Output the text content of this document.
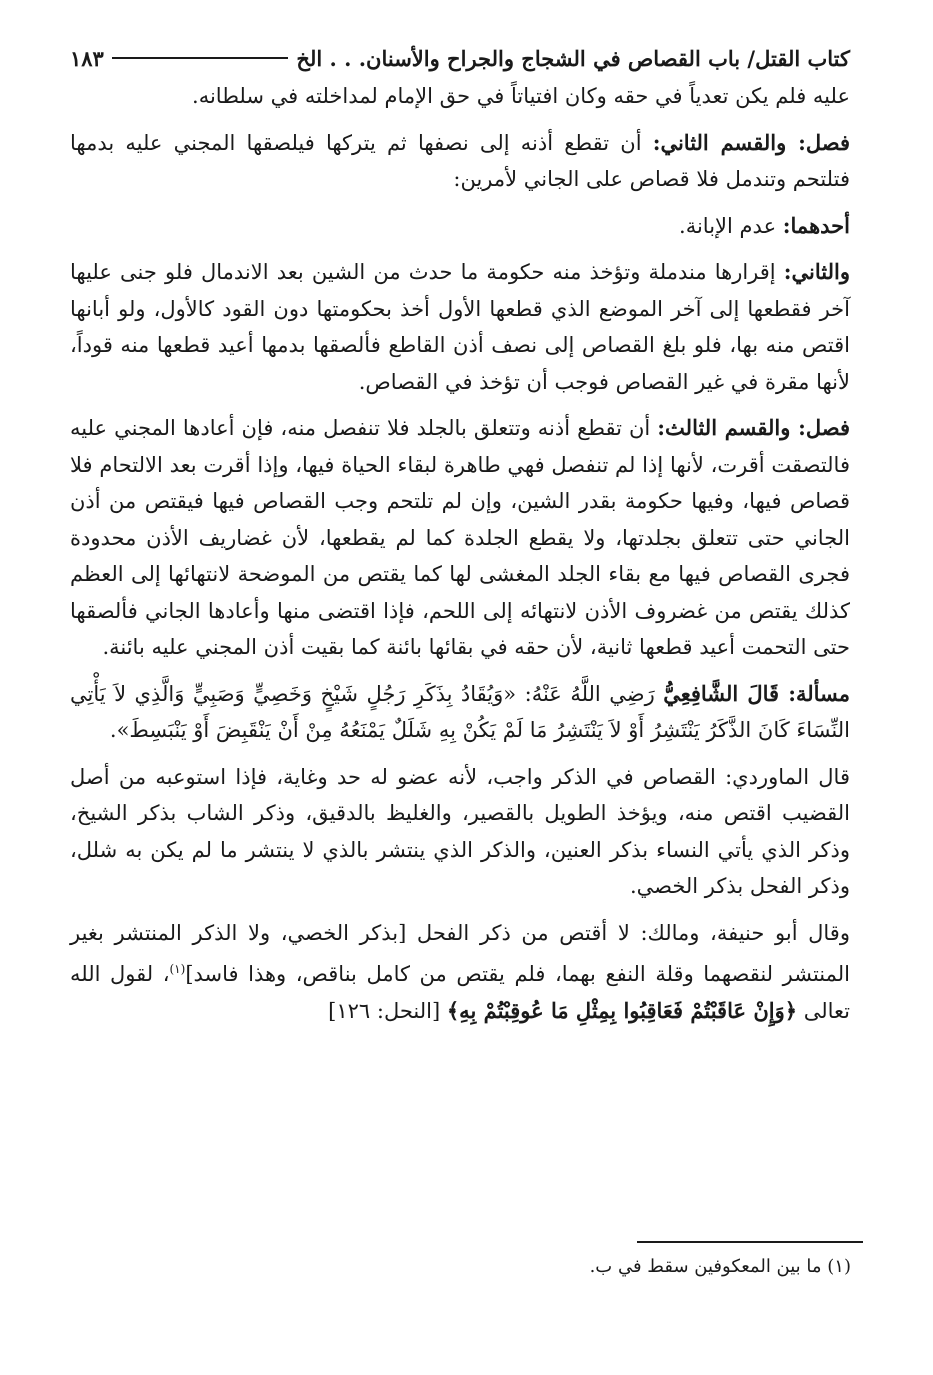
كتاب القتل/ باب القصاص في الشجاج والجراح والأسنان. . . الخ
١٨٣

عليه فلم يكن تعدياً في حقه وكان افتياتاً في حق الإمام لمداخلته في سلطانه.

فصل: والقسم الثاني: أن تقطع أذنه إلى نصفها ثم يتركها فيلصقها المجني عليه بدمها فتلتحم وتندمل فلا قصاص على الجاني لأمرين:

أحدهما: عدم الإبانة.

والثاني: إقرارها مندملة وتؤخذ منه حكومة ما حدث من الشين بعد الاندمال فلو جنى عليها آخر فقطعها إلى آخر الموضع الذي قطعها الأول أخذ بحكومتها دون القود كالأول، ولو أبانها اقتص منه بها، فلو بلغ القصاص إلى نصف أذن القاطع فألصقها بدمها أعيد قطعها منه قوداً، لأنها مقرة في غير القصاص فوجب أن تؤخذ في القصاص.

فصل: والقسم الثالث: أن تقطع أذنه وتتعلق بالجلد فلا تنفصل منه، فإن أعادها المجني عليه فالتصقت أقرت، لأنها إذا لم تنفصل فهي طاهرة لبقاء الحياة فيها، وإذا أقرت بعد الالتحام فلا قصاص فيها، وفيها حكومة بقدر الشين، وإن لم تلتحم وجب القصاص فيها فيقتص من أذن الجاني حتى تتعلق بجلدتها، ولا يقطع الجلدة كما لم يقطعها، لأن غضاريف الأذن محدودة فجرى القصاص فيها مع بقاء الجلد المغشى لها كما يقتص من الموضحة لانتهائها إلى العظم كذلك يقتص من غضروف الأذن لانتهائه إلى اللحم، فإذا اقتضى منها وأعادها الجاني فألصقها حتى التحمت أعيد قطعها ثانية، لأن حقه في بقائها بائنة كما بقيت أذن المجني عليه بائنة.

مسألة: قَالَ الشَّافِعِيُّ رَضِي اللَّهُ عَنْهُ: «وَيُقَادُ بِذَكَرِ رَجُلٍ شَيْخٍ وَخَصِيٍّ وَصَبِيٍّ وَالَّذِي لاَ يَأْتِي النِّسَاءَ كَانَ الذَّكَرُ يَنْتَشِرُ أَوْ لاَ يَنْتَشِرُ مَا لَمْ يَكُنْ بِهِ شَلَلٌ يَمْنَعُهُ مِنْ أَنْ يَنْقَبِضَ أَوْ يَنْبَسِطَ».

قال الماوردي: القصاص في الذكر واجب، لأنه عضو له حد وغاية، فإذا استوعبه من أصل القضيب اقتص منه، ويؤخذ الطويل بالقصير، والغليظ بالدقيق، وذكر الشاب بذكر الشيخ، وذكر الذي يأتي النساء بذكر العنين، والذكر الذي ينتشر بالذي لا ينتشر ما لم يكن به شلل، وذكر الفحل بذكر الخصي.

وقال أبو حنيفة، ومالك: لا أقتص من ذكر الفحل [بذكر الخصي، ولا الذكر المنتشر بغير المنتشر لنقصهما وقلة النفع بهما، فلم يقتص من كامل بناقص، وهذا فاسد]$^{(١)}$، لقول الله تعالى ﴿وَإِنْ عَاقَبْتُمْ فَعَاقِبُوا بِمِثْلِ مَا عُوقِبْتُمْ بِهِ﴾ [النحل: ١٢٦]

(١) ما بين المعكوفين سقط في ب.
